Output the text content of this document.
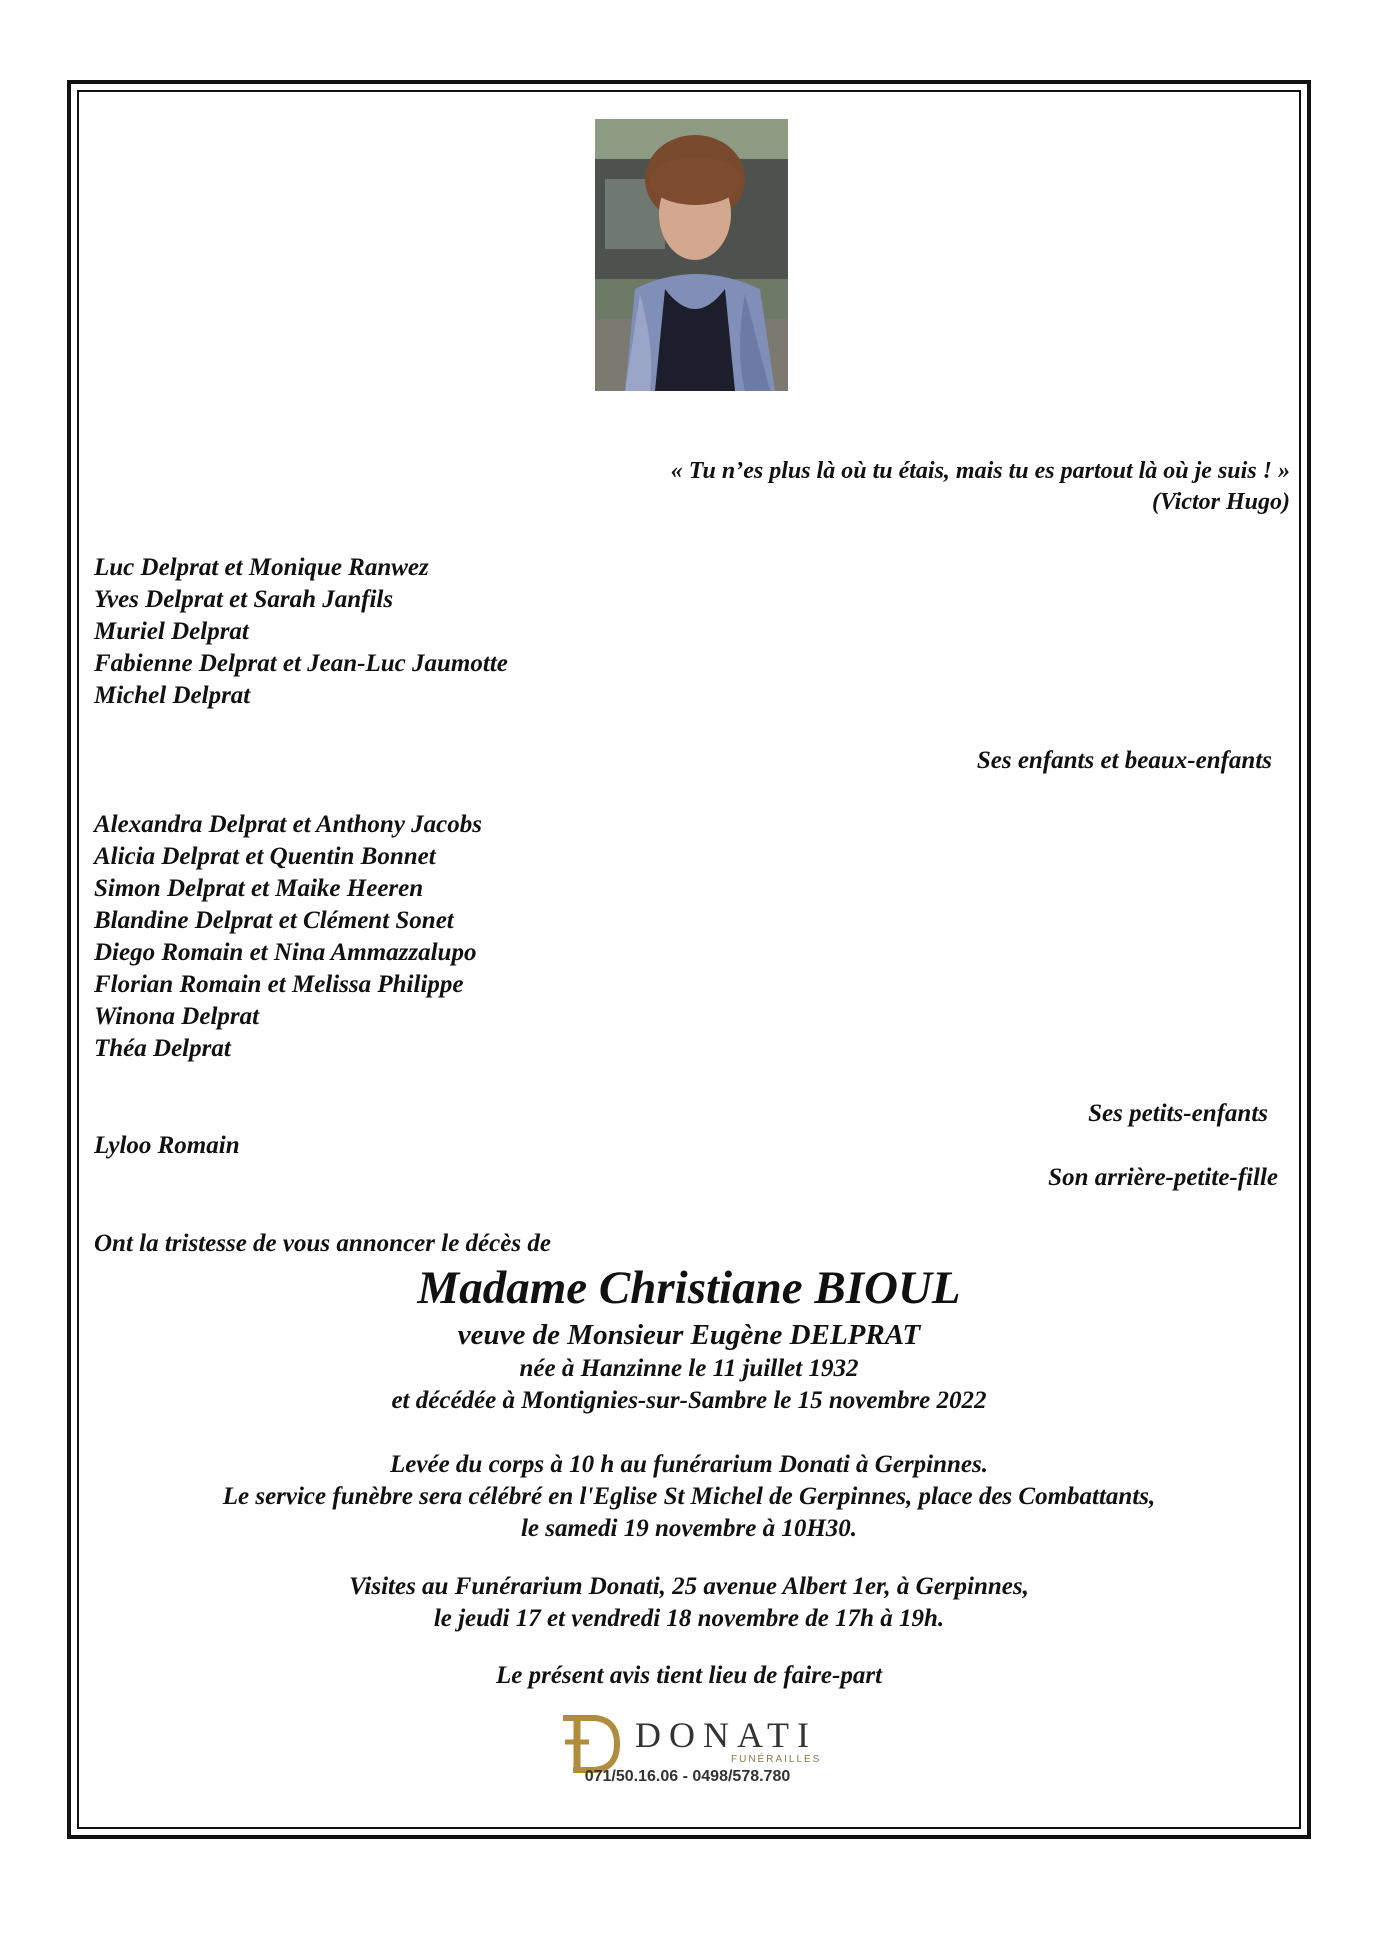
« Tu n’es plus là où tu étais, mais tu es partout là où je suis ! »
(Victor Hugo)
Luc Delprat et Monique Ranwez
Yves Delprat et Sarah Janfils
Muriel Delprat
Fabienne Delprat et Jean-Luc Jaumotte
Michel Delprat
Ses enfants et beaux-enfants
Alexandra Delprat et Anthony Jacobs
Alicia Delprat et Quentin Bonnet
Simon Delprat et Maike Heeren
Blandine Delprat et Clément Sonet
Diego Romain et Nina Ammazzalupo
Florian Romain et Melissa Philippe
Winona Delprat
Théa Delprat
Ses petits-enfants
Lyloo Romain
Son arrière-petite-fille
Ont la tristesse de vous annoncer le décès de
Madame Christiane BIOUL
veuve de Monsieur Eugène DELPRAT
née à Hanzinne le 11 juillet 1932
et décédée à Montignies-sur-Sambre le 15 novembre 2022
Levée du corps à 10 h au funérarium Donati à Gerpinnes.
Le service funèbre sera célébré en l'Eglise St Michel de Gerpinnes, place des Combattants,
le samedi 19 novembre à 10H30.
Visites au Funérarium Donati, 25 avenue Albert 1er, à Gerpinnes,
le jeudi 17 et vendredi 18 novembre de 17h à 19h.
Le présent avis tient lieu de faire-part
DONATI
FUNÉRAILLES
071/50.16.06 - 0498/578.780
